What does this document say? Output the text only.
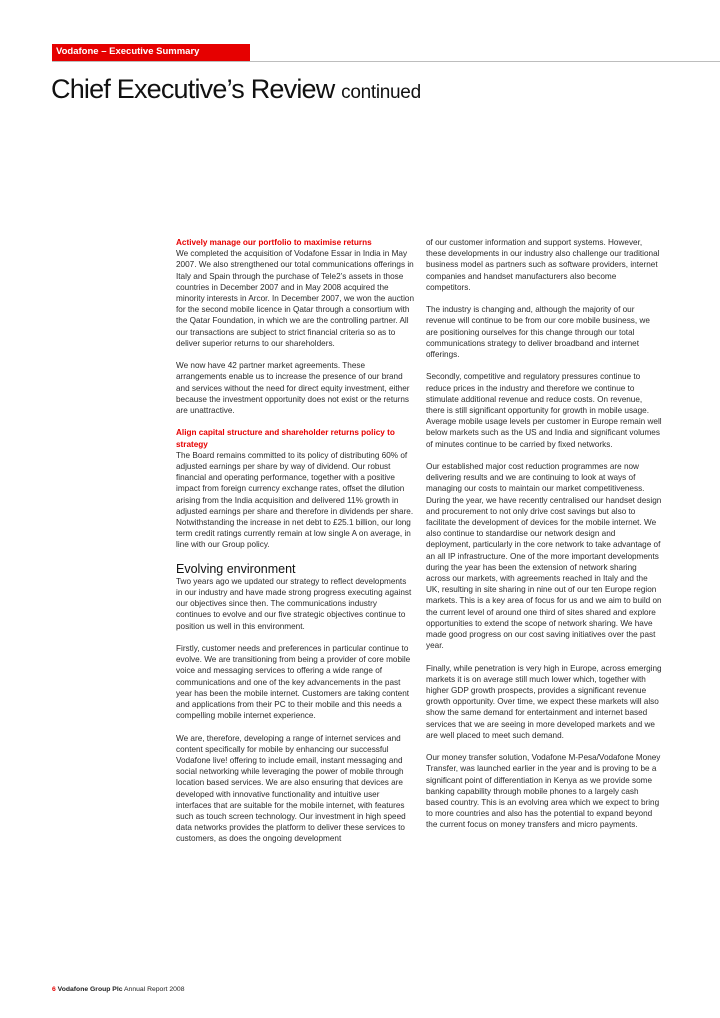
Vodafone – Executive Summary
Chief Executive’s Review continued
Actively manage our portfolio to maximise returns

We completed the acquisition of Vodafone Essar in India in May 2007. We also strengthened our total communications offerings in Italy and Spain through the purchase of Tele2’s assets in those countries in December 2007 and in May 2008 acquired the minority interests in Arcor. In December 2007, we won the auction for the second mobile licence in Qatar through a consortium with the Qatar Foundation, in which we are the controlling partner. All our transactions are subject to strict financial criteria so as to deliver superior returns to our shareholders.

We now have 42 partner market agreements. These arrangements enable us to increase the presence of our brand and services without the need for direct equity investment, either because the investment opportunity does not exist or the returns are unattractive.

Align capital structure and shareholder returns policy to strategy

The Board remains committed to its policy of distributing 60% of adjusted earnings per share by way of dividend. Our robust financial and operating performance, together with a positive impact from foreign currency exchange rates, offset the dilution arising from the India acquisition and delivered 11% growth in adjusted earnings per share and therefore in dividends per share. Notwithstanding the increase in net debt to £25.1 billion, our long term credit ratings currently remain at low single A on average, in line with our Group policy.

Evolving environment

Two years ago we updated our strategy to reflect developments in our industry and have made strong progress executing against our objectives since then. The communications industry continues to evolve and our five strategic objectives continue to position us well in this environment.

Firstly, customer needs and preferences in particular continue to evolve. We are transitioning from being a provider of core mobile voice and messaging services to offering a wide range of communications and one of the key advancements in the past year has been the mobile internet. Customers are taking content and applications from their PC to their mobile and this needs a compelling mobile internet experience.

We are, therefore, developing a range of internet services and content specifically for mobile by enhancing our successful Vodafone live! offering to include email, instant messaging and social networking while leveraging the power of mobile through location based services. We are also ensuring that devices are developed with innovative functionality and intuitive user interfaces that are suitable for the mobile internet, with features such as touch screen technology. Our investment in high speed data networks provides the platform to deliver these services to customers, as does the ongoing development

of our customer information and support systems. However, these developments in our industry also challenge our traditional business model as partners such as software providers, internet companies and handset manufacturers also become competitors.

The industry is changing and, although the majority of our revenue will continue to be from our core mobile business, we are positioning ourselves for this change through our total communications strategy to deliver broadband and internet offerings.

Secondly, competitive and regulatory pressures continue to reduce prices in the industry and therefore we continue to stimulate additional revenue and reduce costs. On revenue, there is still significant opportunity for growth in mobile usage. Average mobile usage levels per customer in Europe remain well below markets such as the US and India and significant volumes of minutes continue to be carried by fixed networks.

Our established major cost reduction programmes are now delivering results and we are continuing to look at ways of managing our costs to maintain our market competitiveness. During the year, we have recently centralised our handset design and procurement to not only drive cost savings but also to facilitate the development of devices for the mobile internet. We also continue to standardise our network design and deployment, particularly in the core network to take advantage of an all IP infrastructure. One of the more important developments during the year has been the extension of network sharing across our markets, with agreements reached in Italy and the UK, resulting in site sharing in nine out of our ten Europe region markets. This is a key area of focus for us and we aim to build on the current level of around one third of sites shared and explore opportunities to extend the scope of network sharing. We have made good progress on our cost saving initiatives over the past year.

Finally, while penetration is very high in Europe, across emerging markets it is on average still much lower which, together with higher GDP growth prospects, provides a significant revenue growth opportunity. Over time, we expect these markets will also show the same demand for entertainment and internet based services that we are seeing in more developed markets and we are well placed to meet such demand.

Our money transfer solution, Vodafone M-Pesa/Vodafone Money Transfer, was launched earlier in the year and is proving to be a significant point of differentiation in Kenya as we provide some banking capability through mobile phones to a largely cash based country. This is an evolving area which we expect to bring to more countries and also has the potential to expand beyond the current focus on money transfers and micro payments.

6 Vodafone Group Plc Annual Report 2008
